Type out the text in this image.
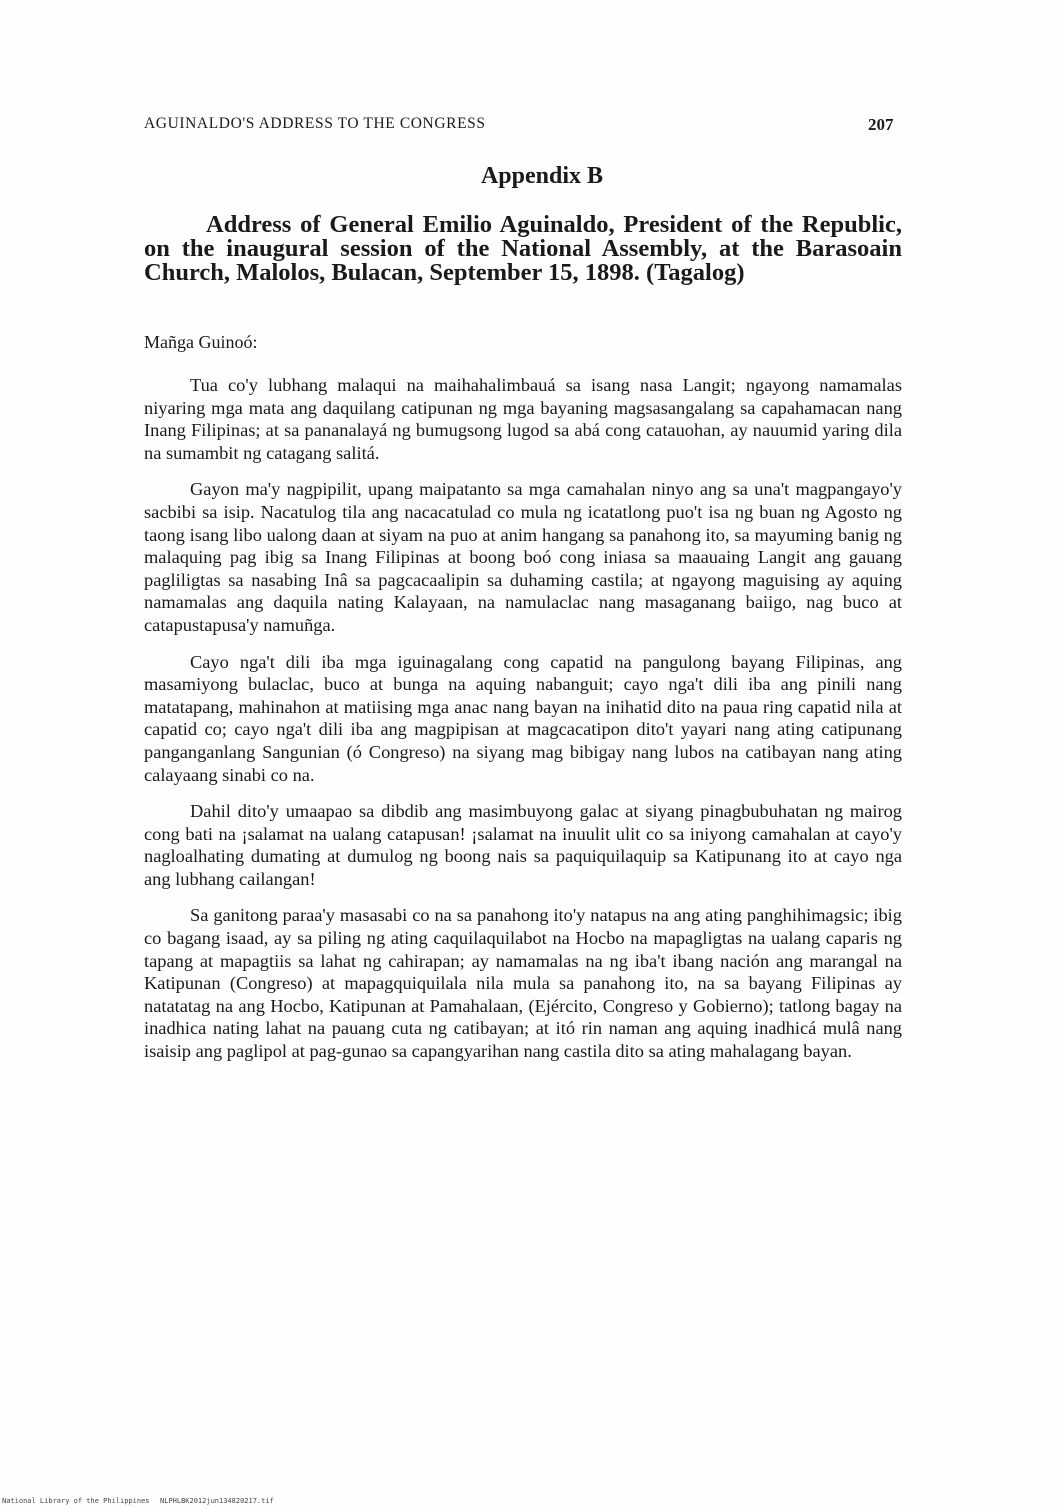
AGUINALDO'S ADDRESS TO THE CONGRESS	207
Appendix B
Address of General Emilio Aguinaldo, President of the Republic, on the inaugural session of the National Assembly, at the Barasoain Church, Malolos, Bulacan, September 15, 1898. (Tagalog)
Mañga Guinoó:

Tua co'y lubhang malaqui na maihahalimbauá sa isang nasa Langit; ngayong namamalas niyaring mga mata ang daquilang catipunan ng mga bayaning magsasangalang sa capahamacan nang Inang Filipinas; at sa pananalayá ng bumugsong lugod sa abá cong catauohan, ay nauumid yaring dila na sumambit ng catagang salitá.

Gayon ma'y nagpipilit, upang maipatanto sa mga camahalan ninyo ang sa una't magpangayo'y sacbibi sa isip. Nacatulog tila ang nacacatulad co mula ng icatatlong puo't isa ng buan ng Agosto ng taong isang libo ualong daan at siyam na puo at anim hangang sa panahong ito, sa mayuming banig ng malaquing pag ibig sa Inang Filipinas at boong boó cong iniasa sa maauaing Langit ang gauang pagliligtas sa nasabing Inâ sa pagcacaalipin sa duhaming castila; at ngayong maguising ay aquing namamalas ang daquila nating Kalayaan, na namulaclac nang masaganang baiigo, nag buco at catapustapusa'y namuñga.

Cayo nga't dili iba mga iguinagalang cong capatid na pangulong bayang Filipinas, ang masamiyong bulaclac, buco at bunga na aquing nabanguit; cayo nga't dili iba ang pinili nang matatapang, mahinahon at matiising mga anac nang bayan na inihatid dito na paua ring capatid nila at capatid co; cayo nga't dili iba ang magpipisan at magcacatipon dito't yayari nang ating catipunang panganganlang Sangunian (ó Congreso) na siyang mag bibigay nang lubos na catibayan nang ating calayaang sinabi co na.

Dahil dito'y umaapao sa dibdib ang masimbuyong galac at siyang pinagbubuhatan ng mairog cong bati na ¡salamat na ualang catapusan! ¡salamat na inuulit ulit co sa iniyong camahalan at cayo'y nagloalhating dumating at dumulog ng boong nais sa paquiquilaquip sa Katipunang ito at cayo nga ang lubhang cailangan!

Sa ganitong paraa'y masasabi co na sa panahong ito'y natapus na ang ating panghihimagsic; ibig co bagang isaad, ay sa piling ng ating caquilaquilabot na Hocbo na mapagligtas na ualang caparis ng tapang at mapagtiis sa lahat ng cahirapan; ay namamalas na ng iba't ibang nación ang marangal na Katipunan (Congreso) at mapagquiquilala nila mula sa panahong ito, na sa bayang Filipinas ay natatatag na ang Hocbo, Katipunan at Pamahalaan, (Ejército, Congreso y Gobierno); tatlong bagay na inadhica nating lahat na pauang cuta ng catibayan; at itó rin naman ang aquing inadhicá mulâ nang isaisip ang paglipol at pag-gunao sa capangyarihan nang castila dito sa ating mahalagang bayan.

National Library of the Philippines NLPHLBK2012jun134820217.tif
